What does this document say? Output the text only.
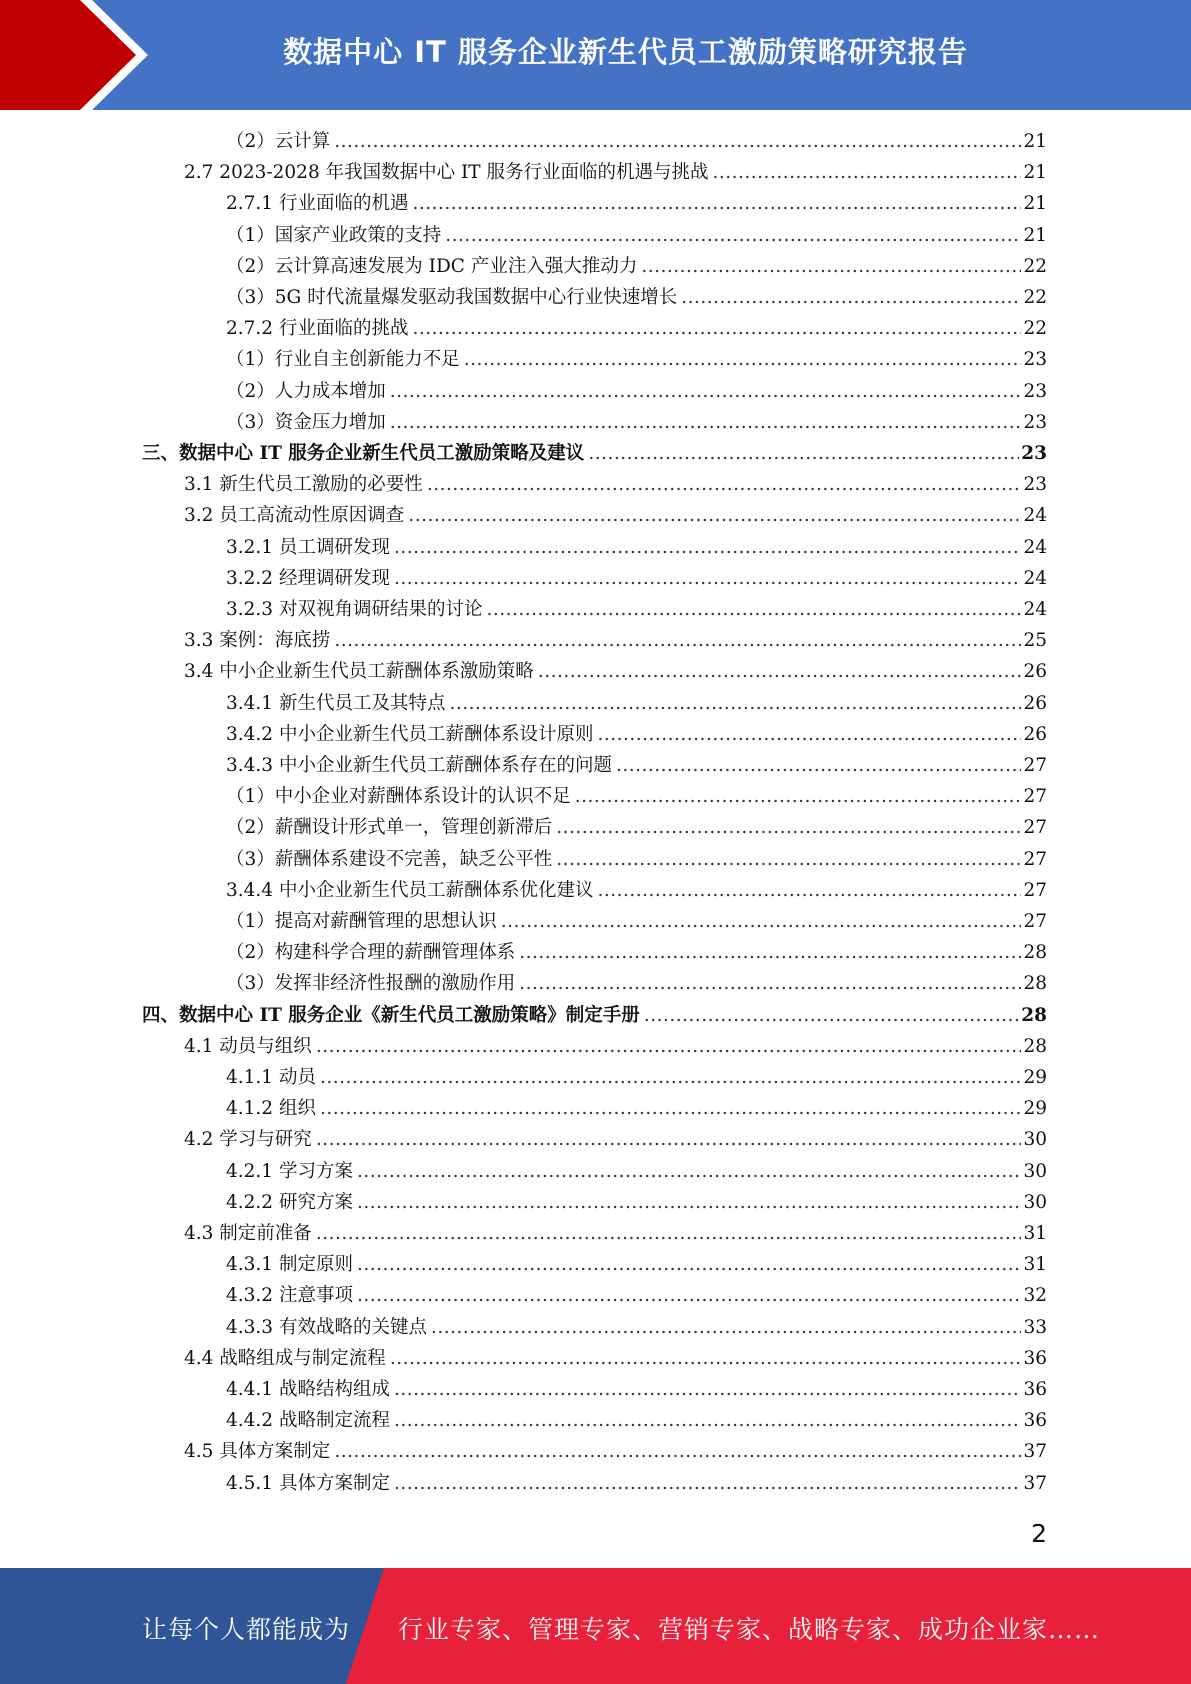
数据中心 IT 服务企业新生代员工激励策略研究报告
（2）云计算 .....	21
2.7 2023-2028 年我国数据中心 IT 服务行业面临的机遇与挑战 .....	21
2.7.1 行业面临的机遇 .....	21
（1）国家产业政策的支持 .....	21
（2）云计算高速发展为 IDC 产业注入强大推动力 .....	22
（3）5G 时代流量爆发驱动我国数据中心行业快速增长 .....	22
2.7.2 行业面临的挑战 .....	22
（1）行业自主创新能力不足 .....	23
（2）人力成本增加 .....	23
（3）资金压力增加 .....	23
三、数据中心 IT 服务企业新生代员工激励策略及建议 .....	23
3.1 新生代员工激励的必要性 .....	23
3.2 员工高流动性原因调查 .....	24
3.2.1 员工调研发现 .....	24
3.2.2 经理调研发现 .....	24
3.2.3 对双视角调研结果的讨论 .....	24
3.3 案例：海底捞 .....	25
3.4 中小企业新生代员工薪酬体系激励策略 .....	26
3.4.1 新生代员工及其特点 .....	26
3.4.2 中小企业新生代员工薪酬体系设计原则 .....	26
3.4.3 中小企业新生代员工薪酬体系存在的问题 .....	27
（1）中小企业对薪酬体系设计的认识不足 .....	27
（2）薪酬设计形式单一，管理创新滞后 .....	27
（3）薪酬体系建设不完善，缺乏公平性 .....	27
3.4.4 中小企业新生代员工薪酬体系优化建议 .....	27
（1）提高对薪酬管理的思想认识 .....	27
（2）构建科学合理的薪酬管理体系 .....	28
（3）发挥非经济性报酬的激励作用 .....	28
四、数据中心 IT 服务企业《新生代员工激励策略》制定手册 .....	28
4.1 动员与组织 .....	28
4.1.1 动员 .....	29
4.1.2 组织 .....	29
4.2 学习与研究 .....	30
4.2.1 学习方案 .....	30
4.2.2 研究方案 .....	30
4.3 制定前准备 .....	31
4.3.1 制定原则 .....	31
4.3.2 注意事项 .....	32
4.3.3 有效战略的关键点 .....	33
4.4 战略组成与制定流程 .....	36
4.4.1 战略结构组成 .....	36
4.4.2 战略制定流程 .....	36
4.5 具体方案制定 .....	37
4.5.1 具体方案制定 .....	37
2
让每个人都能成为 行业专家、管理专家、营销专家、战略专家、成功企业家……
